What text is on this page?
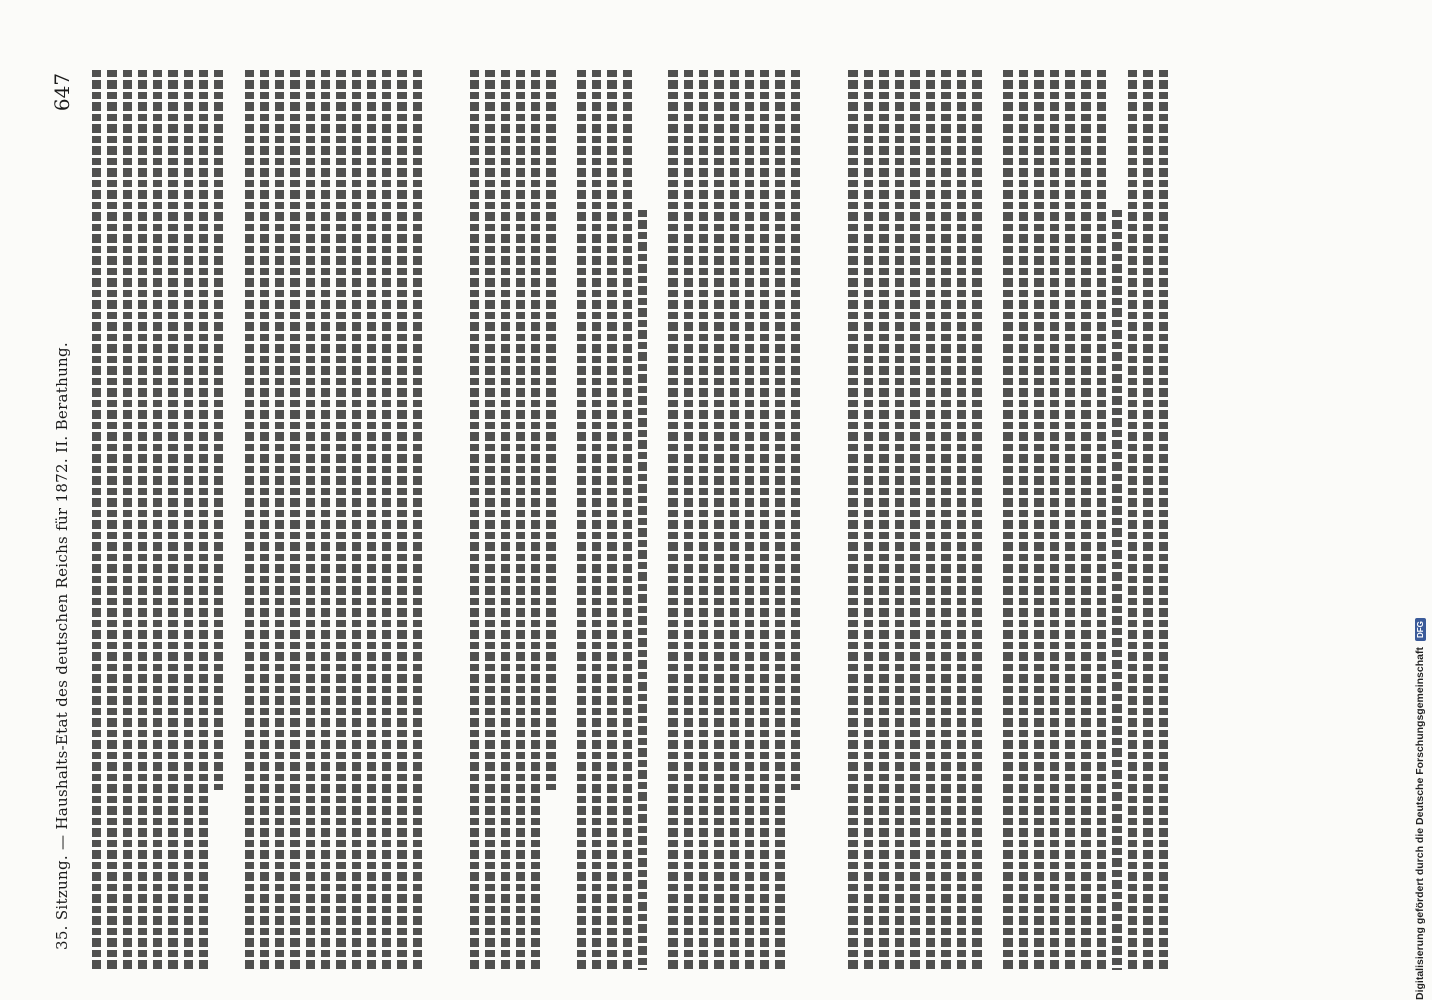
35. Sitzung. — Haushalts-Etat des deutschen Reichs für 1872. II. Berathung.
647
Digitalisierung gefördert durch die Deutsche Forschungsgemeinschaft
DFG
